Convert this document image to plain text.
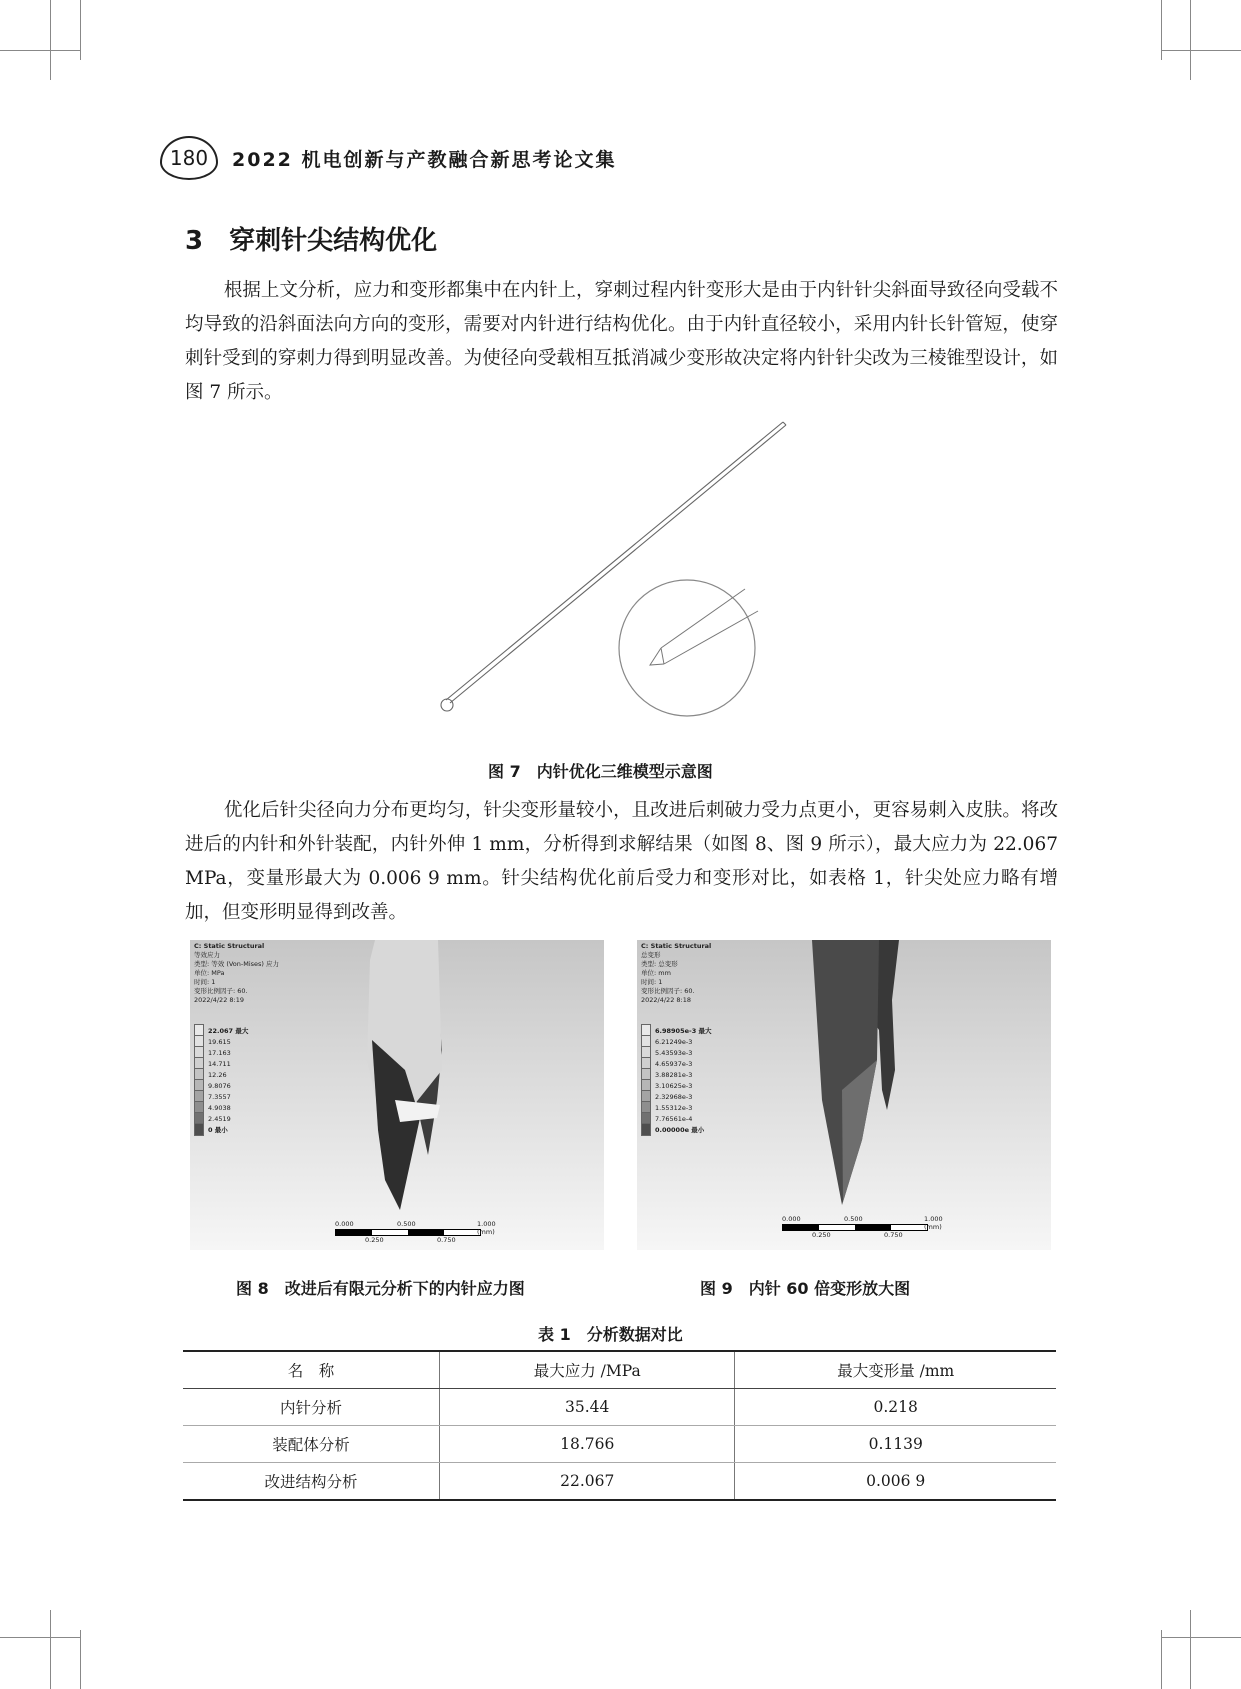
180	2022 机电创新与产教融合新思考论文集
3　穿刺针尖结构优化

根据上文分析，应力和变形都集中在内针上，穿刺过程内针变形大是由于内针针尖斜面导致径向受载不均导致的沿斜面法向方向的变形，需要对内针进行结构优化。由于内针直径较小，采用内针长针管短，使穿刺针受到的穿刺力得到明显改善。为使径向受载相互抵消减少变形故决定将内针针尖改为三棱锥型设计，如图 7 所示。

图 7　内针优化三维模型示意图

优化后针尖径向力分布更均匀，针尖变形量较小，且改进后刺破力受力点更小，更容易刺入皮肤。将改进后的内针和外针装配，内针外伸 1 mm，分析得到求解结果（如图 8、图 9 所示），最大应力为 22.067 MPa，变量形最大为 0.006 9 mm。针尖结构优化前后受力和变形对比，如表格 1，针尖处应力略有增加，但变形明显得到改善。

C: Static Structural
等效应力
类型: 等效 (Von-Mises) 应力
单位: MPa
时间: 1
变形比例因子: 60.
2022/4/22 8:19
22.067 最大
19.615
17.163
14.711
12.26
9.8076
7.3557
4.9038
2.4519
0 最小
0.000	0.500	1.000 (mm)
0.250	0.750
C: Static Structural
总变形
类型: 总变形
单位: mm
时间: 1
变形比例因子: 60.
2022/4/22 8:18
6.98905e-3 最大
6.21249e-3
5.43593e-3
4.65937e-3
3.88281e-3
3.10625e-3
2.32968e-3
1.55312e-3
7.76561e-4
0.00000e 最小
0.000	0.500	1.000 (mm)
0.250	0.750
图 8　改进后有限元分析下的内针应力图	图 9　内针 60 倍变形放大图
表 1　分析数据对比
名　称	最大应力 /MPa	最大变形量 /mm
内针分析	35.44	0.218
装配体分析	18.766	0.1139
改进结构分析	22.067	0.006 9
